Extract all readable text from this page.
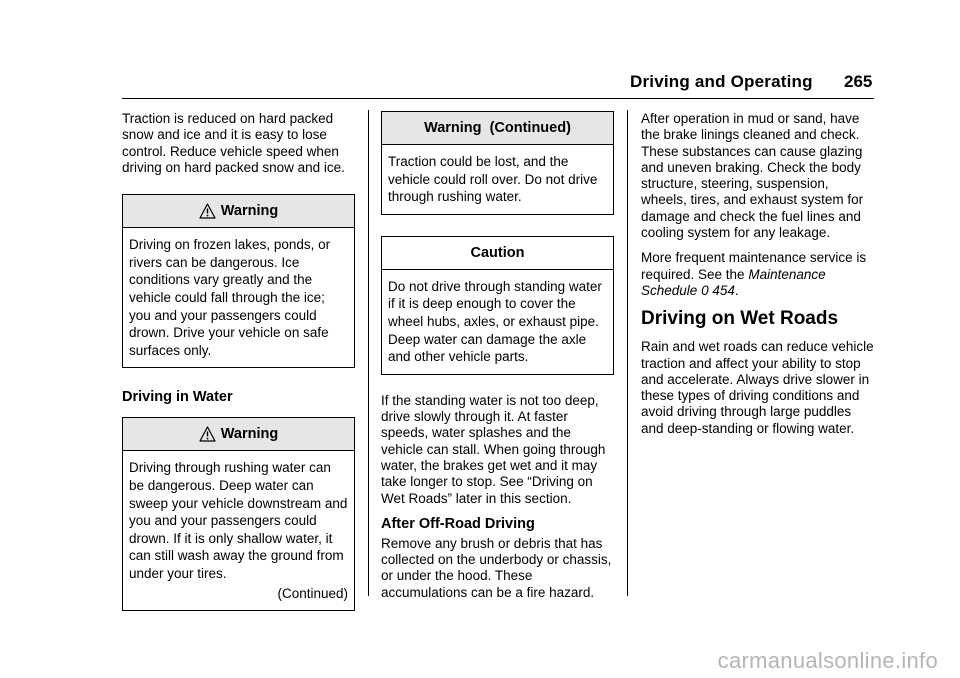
Driving and Operating 265

Traction is reduced on hard packed snow and ice and it is easy to lose control. Reduce vehicle speed when driving on hard packed snow and ice.

Warning
Driving on frozen lakes, ponds, or rivers can be dangerous. Ice conditions vary greatly and the vehicle could fall through the ice; you and your passengers could drown. Drive your vehicle on safe surfaces only.
Driving in Water
Warning
Driving through rushing water can be dangerous. Deep water can sweep your vehicle downstream and you and your passengers could drown. If it is only shallow water, it can still wash away the ground from under your tires.
(Continued)
Warning  (Continued)
Traction could be lost, and the vehicle could roll over. Do not drive through rushing water.
Caution
Do not drive through standing water if it is deep enough to cover the wheel hubs, axles, or exhaust pipe. Deep water can damage the axle and other vehicle parts.

If the standing water is not too deep, drive slowly through it. At faster speeds, water splashes and the vehicle can stall. When going through water, the brakes get wet and it may take longer to stop. See “Driving on Wet Roads” later in this section.

After Off-Road Driving

Remove any brush or debris that has collected on the underbody or chassis, or under the hood. These accumulations can be a fire hazard.

After operation in mud or sand, have the brake linings cleaned and check. These substances can cause glazing and uneven braking. Check the body structure, steering, suspension, wheels, tires, and exhaust system for damage and check the fuel lines and cooling system for any leakage.

More frequent maintenance service is required. See the Maintenance Schedule 0 454.

Driving on Wet Roads

Rain and wet roads can reduce vehicle traction and affect your ability to stop and accelerate. Always drive slower in these types of driving conditions and avoid driving through large puddles and deep-standing or flowing water.

carmanualsonline.info
